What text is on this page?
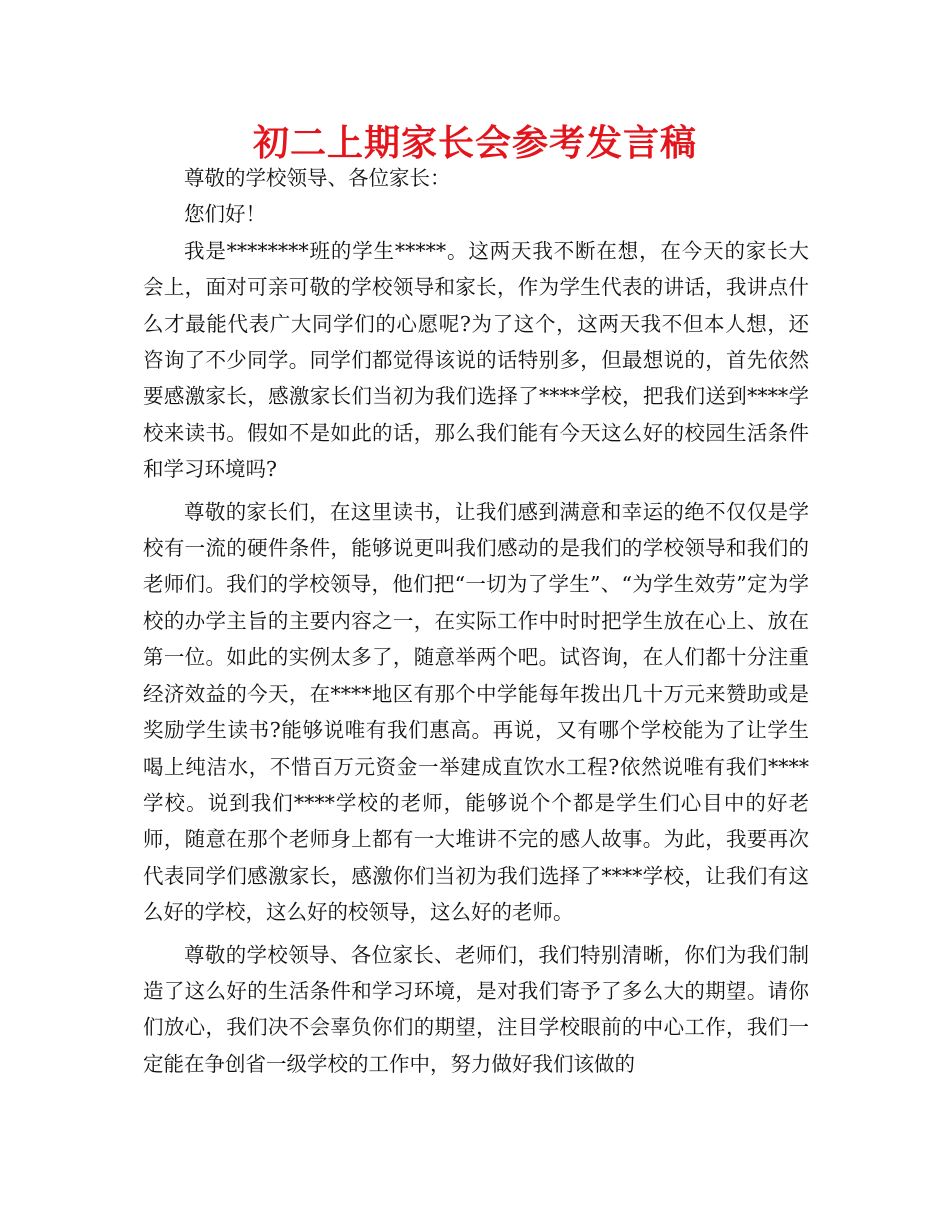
初二上期家长会参考发言稿

尊敬的学校领导、各位家长：

您们好！

我是********班的学生*****。这两天我不断在想，在今天的家长大会上，面对可亲可敬的学校领导和家长，作为学生代表的讲话，我讲点什么才最能代表广大同学们的心愿呢?为了这个，这两天我不但本人想，还咨询了不少同学。同学们都觉得该说的话特别多，但最想说的，首先依然要感激家长，感激家长们当初为我们选择了****学校，把我们送到****学校来读书。假如不是如此的话，那么我们能有今天这么好的校园生活条件和学习环境吗?

尊敬的家长们，在这里读书，让我们感到满意和幸运的绝不仅仅是学校有一流的硬件条件，能够说更叫我们感动的是我们的学校领导和我们的老师们。我们的学校领导，他们把“一切为了学生”、“为学生效劳”定为学校的办学主旨的主要内容之一，在实际工作中时时把学生放在心上、放在第一位。如此的实例太多了，随意举两个吧。试咨询，在人们都十分注重经济效益的今天，在****地区有那个中学能每年拨出几十万元来赞助或是奖励学生读书?能够说唯有我们惠高。再说，又有哪个学校能为了让学生喝上纯洁水，不惜百万元资金一举建成直饮水工程?依然说唯有我们****学校。说到我们****学校的老师，能够说个个都是学生们心目中的好老师，随意在那个老师身上都有一大堆讲不完的感人故事。为此，我要再次代表同学们感激家长，感激你们当初为我们选择了****学校，让我们有这么好的学校，这么好的校领导，这么好的老师。

尊敬的学校领导、各位家长、老师们，我们特别清晰，你们为我们制造了这么好的生活条件和学习环境，是对我们寄予了多么大的期望。请你们放心，我们决不会辜负你们的期望，注目学校眼前的中心工作，我们一定能在争创省一级学校的工作中，努力做好我们该做的
